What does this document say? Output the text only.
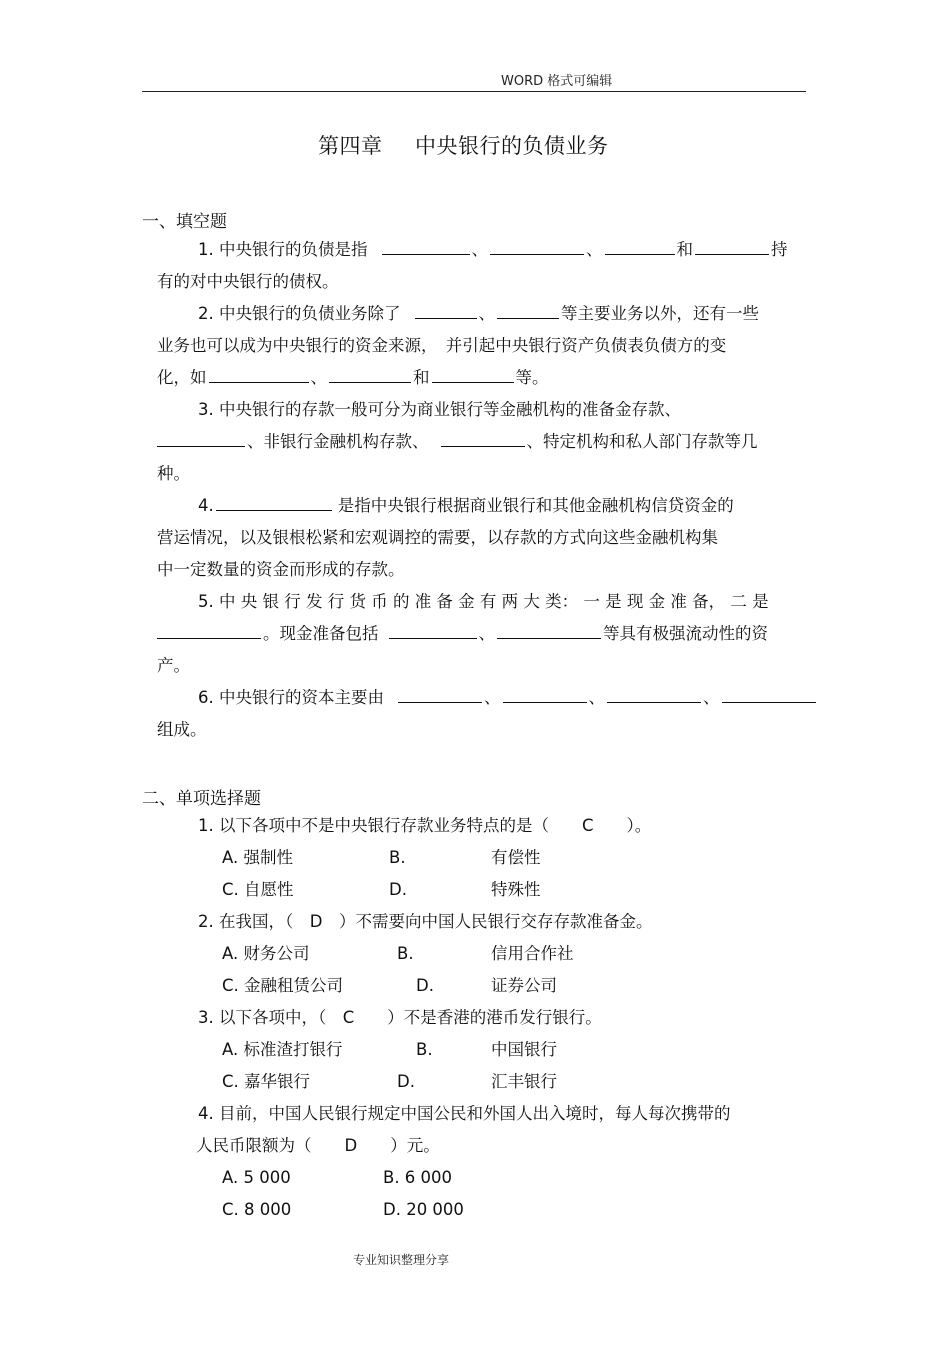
WORD 格式可编辑
第四章 中央银行的负债业务
一、填空题
1. 中央银行的负债是指	、	、	和	持
有的对中央银行的债权。
2. 中央银行的负债业务除了	、	等主要业务以外，还有一些
业务也可以成为中央银行的资金来源，　并引起中央银行资产负债表负债方的变
化，如	、	和	等。
3. 中央银行的存款一般可分为商业银行等金融机构的准备金存款、
、非银行金融机构存款、	、特定机构和私人部门存款等几
种。
4.	是指中央银行根据商业银行和其他金融机构信贷资金的
营运情况，以及银根松紧和宏观调控的需要，以存款的方式向这些金融机构集
中一定数量的资金而形成的存款。
5. 中 央 银 行 发 行 货 币 的 准 备 金 有 两 大 类： 一 是 现 金 准 备， 二 是
。现金准备包括	、	等具有极强流动性的资
产。
6. 中央银行的资本主要由	、	、	、
组成。
二、单项选择题
1. 以下各项中不是中央银行存款业务特点的是（　　C　　）。
A. 强制性	B.	有偿性
C. 自愿性	D.	特殊性
2. 在我国，（　D　）不需要向中国人民银行交存存款准备金。
A. 财务公司	B.	信用合作社
C. 金融租赁公司	D.	证券公司
3. 以下各项中，（　C　　）不是香港的港币发行银行。
A. 标准渣打银行	B.	中国银行
C. 嘉华银行	D.	汇丰银行
4. 目前，中国人民银行规定中国公民和外国人出入境时，每人每次携带的
人民币限额为（　　D　　）元。
A. 5 000	B. 6 000
C. 8 000	D. 20 000
专业知识整理分享
